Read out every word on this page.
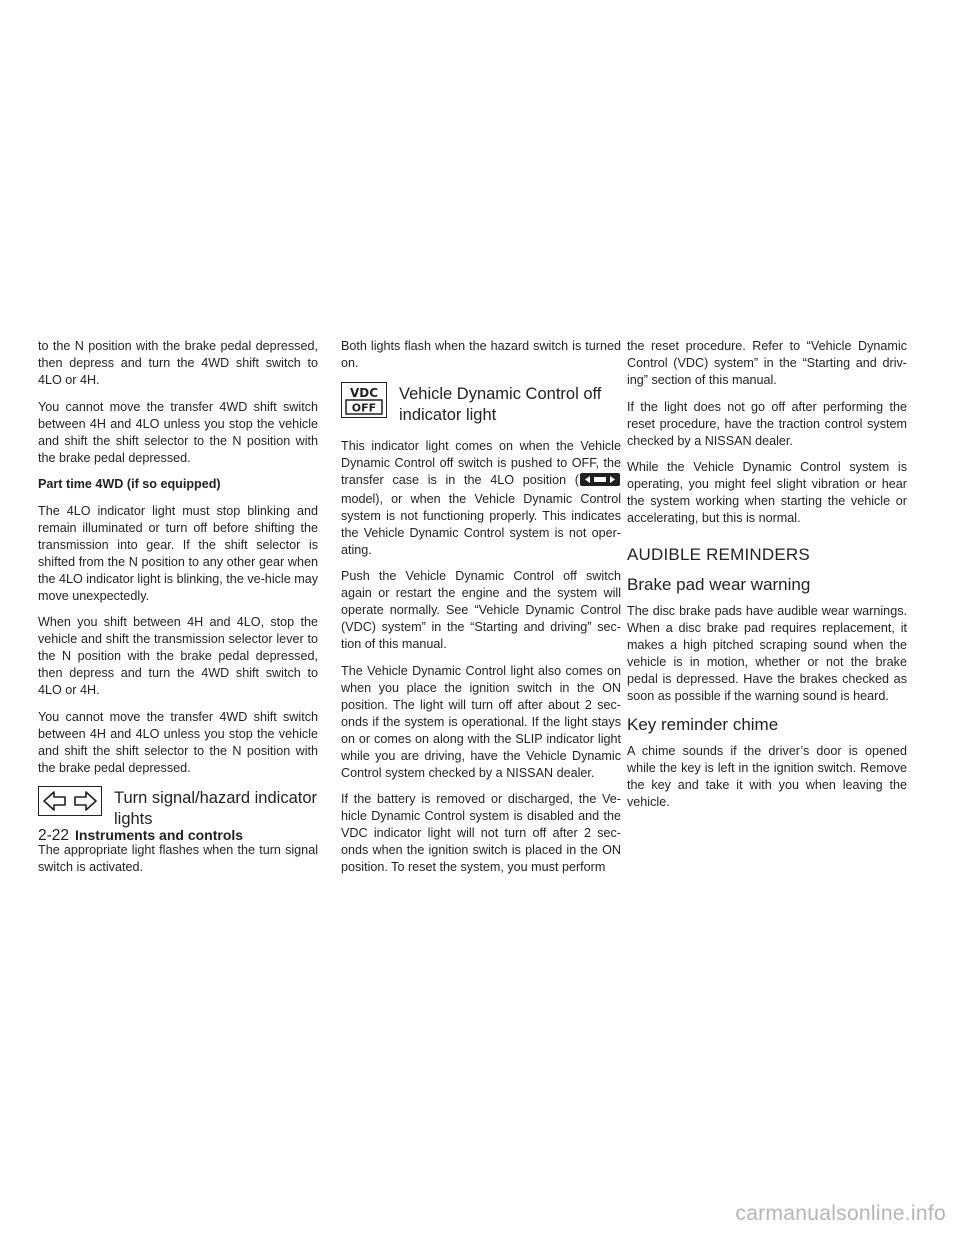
to the N position with the brake pedal depressed, then depress and turn the 4WD shift switch to 4LO or 4H.

You cannot move the transfer 4WD shift switch between 4H and 4LO unless you stop the vehicle and shift the shift selector to the N position with the brake pedal depressed.

Part time 4WD (if so equipped)

The 4LO indicator light must stop blinking and remain illuminated or turn off before shifting the transmission into gear. If the shift selector is shifted from the N position to any other gear when the 4LO indicator light is blinking, the ve-hicle may move unexpectedly.

When you shift between 4H and 4LO, stop the vehicle and shift the transmission selector lever to the N position with the brake pedal depressed, then depress and turn the 4WD shift switch to 4LO or 4H.

You cannot move the transfer 4WD shift switch between 4H and 4LO unless you stop the vehicle and shift the shift selector to the N position with the brake pedal depressed.

Turn signal/hazard indicator
lights

The appropriate light flashes when the turn signal switch is activated.

Both lights flash when the hazard switch is turned on.

VDC
OFF
Vehicle Dynamic Control off
indicator light

This indicator light comes on when the Vehicle Dynamic Control off switch is pushed to OFF, the transfer case is in the 4LO position ( model), or when the Vehicle Dynamic Control system is not functioning properly. This indicates the Vehicle Dynamic Control system is not oper-ating.

Push the Vehicle Dynamic Control off switch again or restart the engine and the system will operate normally. See “Vehicle Dynamic Control (VDC) system” in the “Starting and driving” sec-tion of this manual.

The Vehicle Dynamic Control light also comes on when you place the ignition switch in the ON position. The light will turn off after about 2 sec-onds if the system is operational. If the light stays on or comes on along with the SLIP indicator light while you are driving, have the Vehicle Dynamic Control system checked by a NISSAN dealer.

If the battery is removed or discharged, the Ve-hicle Dynamic Control system is disabled and the VDC indicator light will not turn off after 2 sec-onds when the ignition switch is placed in the ON position. To reset the system, you must perform

the reset procedure. Refer to “Vehicle Dynamic Control (VDC) system” in the “Starting and driv-ing” section of this manual.

If the light does not go off after performing the reset procedure, have the traction control system checked by a NISSAN dealer.

While the Vehicle Dynamic Control system is operating, you might feel slight vibration or hear the system working when starting the vehicle or accelerating, but this is normal.

AUDIBLE REMINDERS
Brake pad wear warning

The disc brake pads have audible wear warnings. When a disc brake pad requires replacement, it makes a high pitched scraping sound when the vehicle is in motion, whether or not the brake pedal is depressed. Have the brakes checked as soon as possible if the warning sound is heard.

Key reminder chime

A chime sounds if the driver’s door is opened while the key is left in the ignition switch. Remove the key and take it with you when leaving the vehicle.

2-22 Instruments and controls
carmanualsonline.info
